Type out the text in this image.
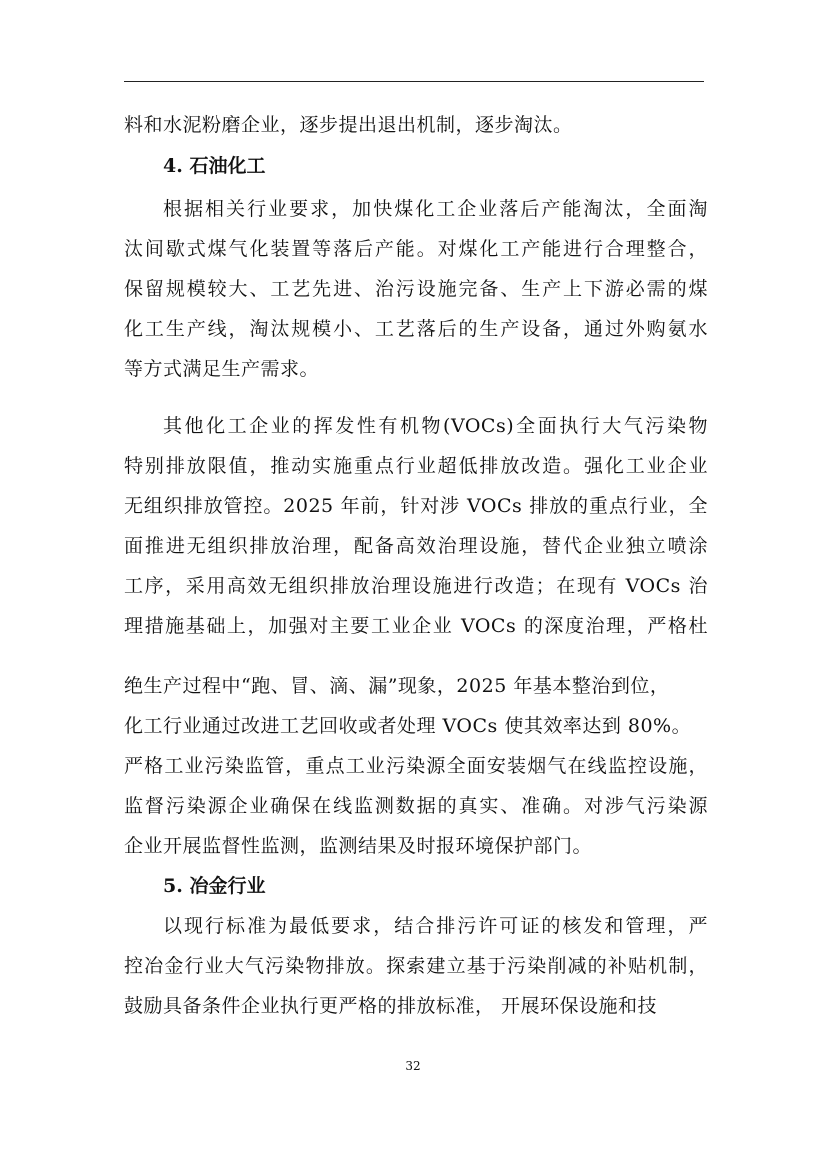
料和水泥粉磨企业，逐步提出退出机制，逐步淘汰。
4. 石油化工
根据相关行业要求，加快煤化工企业落后产能淘汰，全面淘
汰间歇式煤气化装置等落后产能。对煤化工产能进行合理整合，
保留规模较大、工艺先进、治污设施完备、生产上下游必需的煤
化工生产线，淘汰规模小、工艺落后的生产设备，通过外购氨水
等方式满足生产需求。
其他化工企业的挥发性有机物(VOCs)全面执行大气污染物
特别排放限值，推动实施重点行业超低排放改造。强化工业企业
无组织排放管控。2025 年前，针对涉 VOCs 排放的重点行业，全
面推进无组织排放治理，配备高效治理设施，替代企业独立喷涂
工序，采用高效无组织排放治理设施进行改造；在现有 VOCs 治
理措施基础上，加强对主要工业企业 VOCs 的深度治理，严格杜
绝生产过程中“跑、冒、滴、漏”现象，2025 年基本整治到位，
化工行业通过改进工艺回收或者处理 VOCs 使其效率达到 80%。
严格工业污染监管，重点工业污染源全面安装烟气在线监控设施，
监督污染源企业确保在线监测数据的真实、准确。对涉气污染源
企业开展监督性监测，监测结果及时报环境保护部门。
5. 冶金行业
以现行标准为最低要求，结合排污许可证的核发和管理，严
控冶金行业大气污染物排放。探索建立基于污染削减的补贴机制，
鼓励具备条件企业执行更严格的排放标准， 开展环保设施和技
32
